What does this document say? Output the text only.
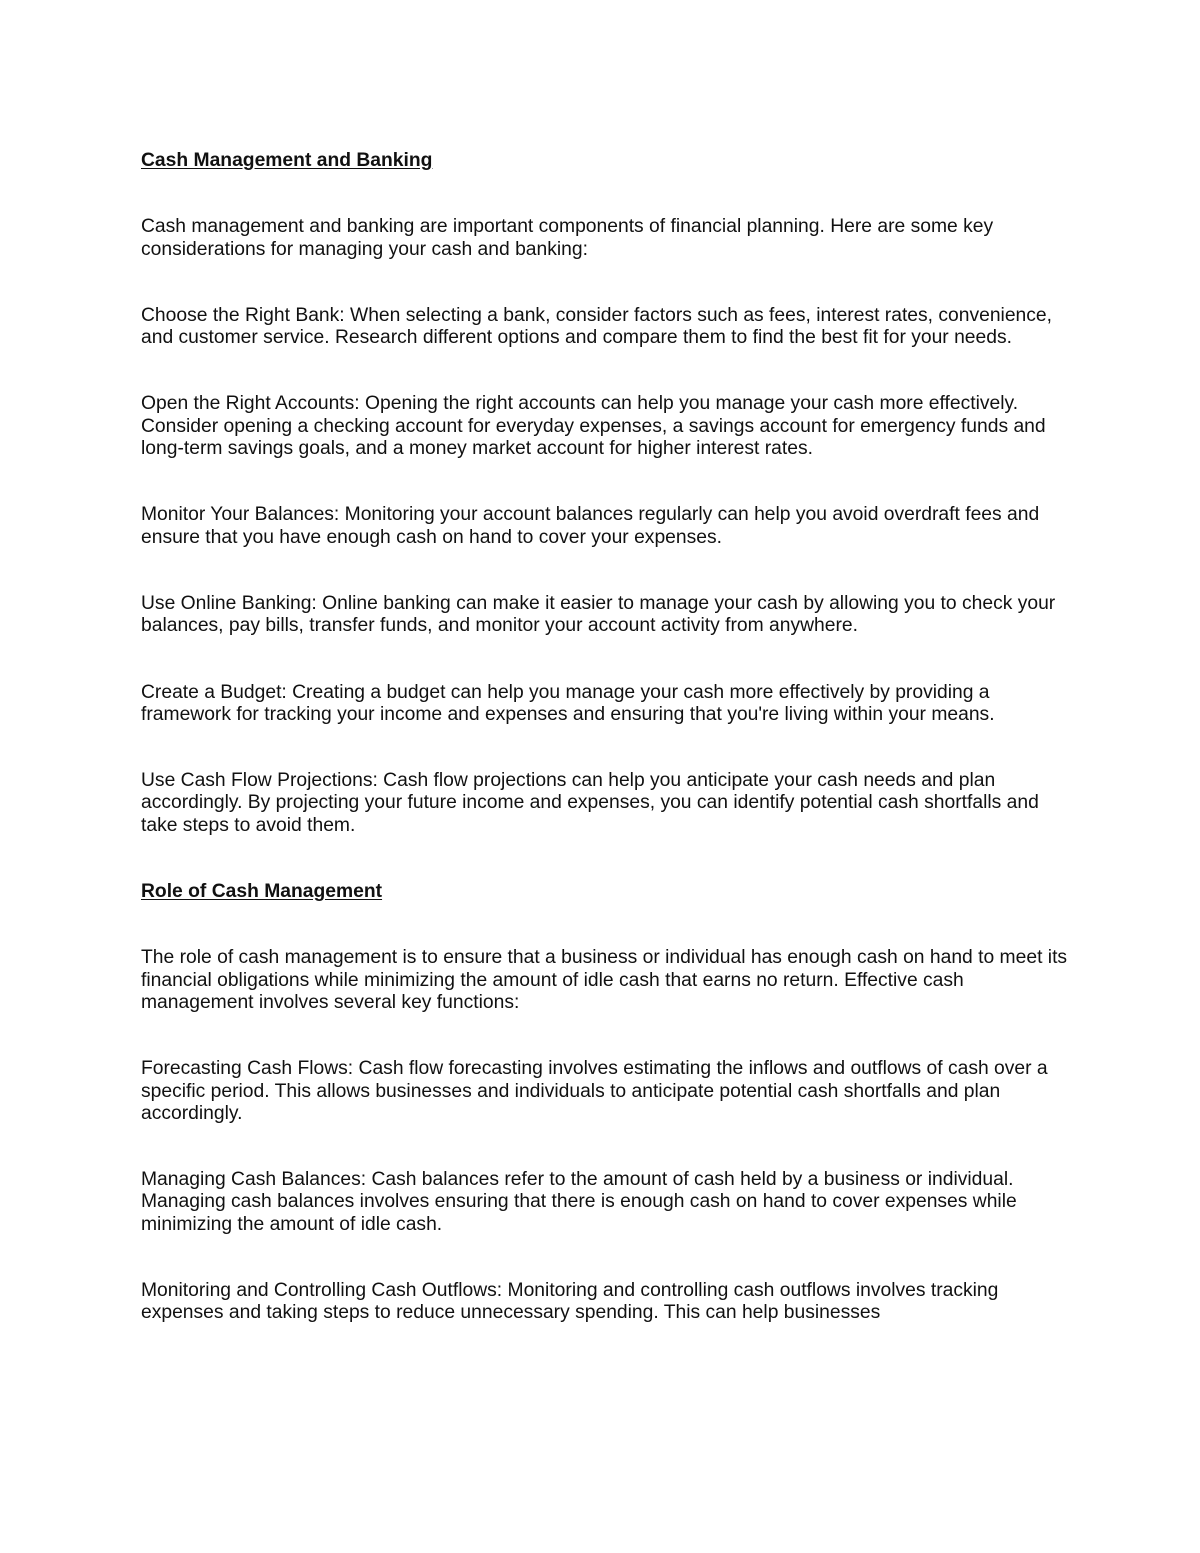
Cash Management and Banking

Cash management and banking are important components of financial planning. Here are some key considerations for managing your cash and banking:

Choose the Right Bank: When selecting a bank, consider factors such as fees, interest rates, convenience, and customer service. Research different options and compare them to find the best fit for your needs.

Open the Right Accounts: Opening the right accounts can help you manage your cash more effectively. Consider opening a checking account for everyday expenses, a savings account for emergency funds and long-term savings goals, and a money market account for higher interest rates.

Monitor Your Balances: Monitoring your account balances regularly can help you avoid overdraft fees and ensure that you have enough cash on hand to cover your expenses.

Use Online Banking: Online banking can make it easier to manage your cash by allowing you to check your balances, pay bills, transfer funds, and monitor your account activity from anywhere.

Create a Budget: Creating a budget can help you manage your cash more effectively by providing a framework for tracking your income and expenses and ensuring that you're living within your means.

Use Cash Flow Projections: Cash flow projections can help you anticipate your cash needs and plan accordingly. By projecting your future income and expenses, you can identify potential cash shortfalls and take steps to avoid them.

Role of Cash Management

The role of cash management is to ensure that a business or individual has enough cash on hand to meet its financial obligations while minimizing the amount of idle cash that earns no return. Effective cash management involves several key functions:

Forecasting Cash Flows: Cash flow forecasting involves estimating the inflows and outflows of cash over a specific period. This allows businesses and individuals to anticipate potential cash shortfalls and plan accordingly.

Managing Cash Balances: Cash balances refer to the amount of cash held by a business or individual. Managing cash balances involves ensuring that there is enough cash on hand to cover expenses while minimizing the amount of idle cash.

Monitoring and Controlling Cash Outflows: Monitoring and controlling cash outflows involves tracking expenses and taking steps to reduce unnecessary spending. This can help businesses
